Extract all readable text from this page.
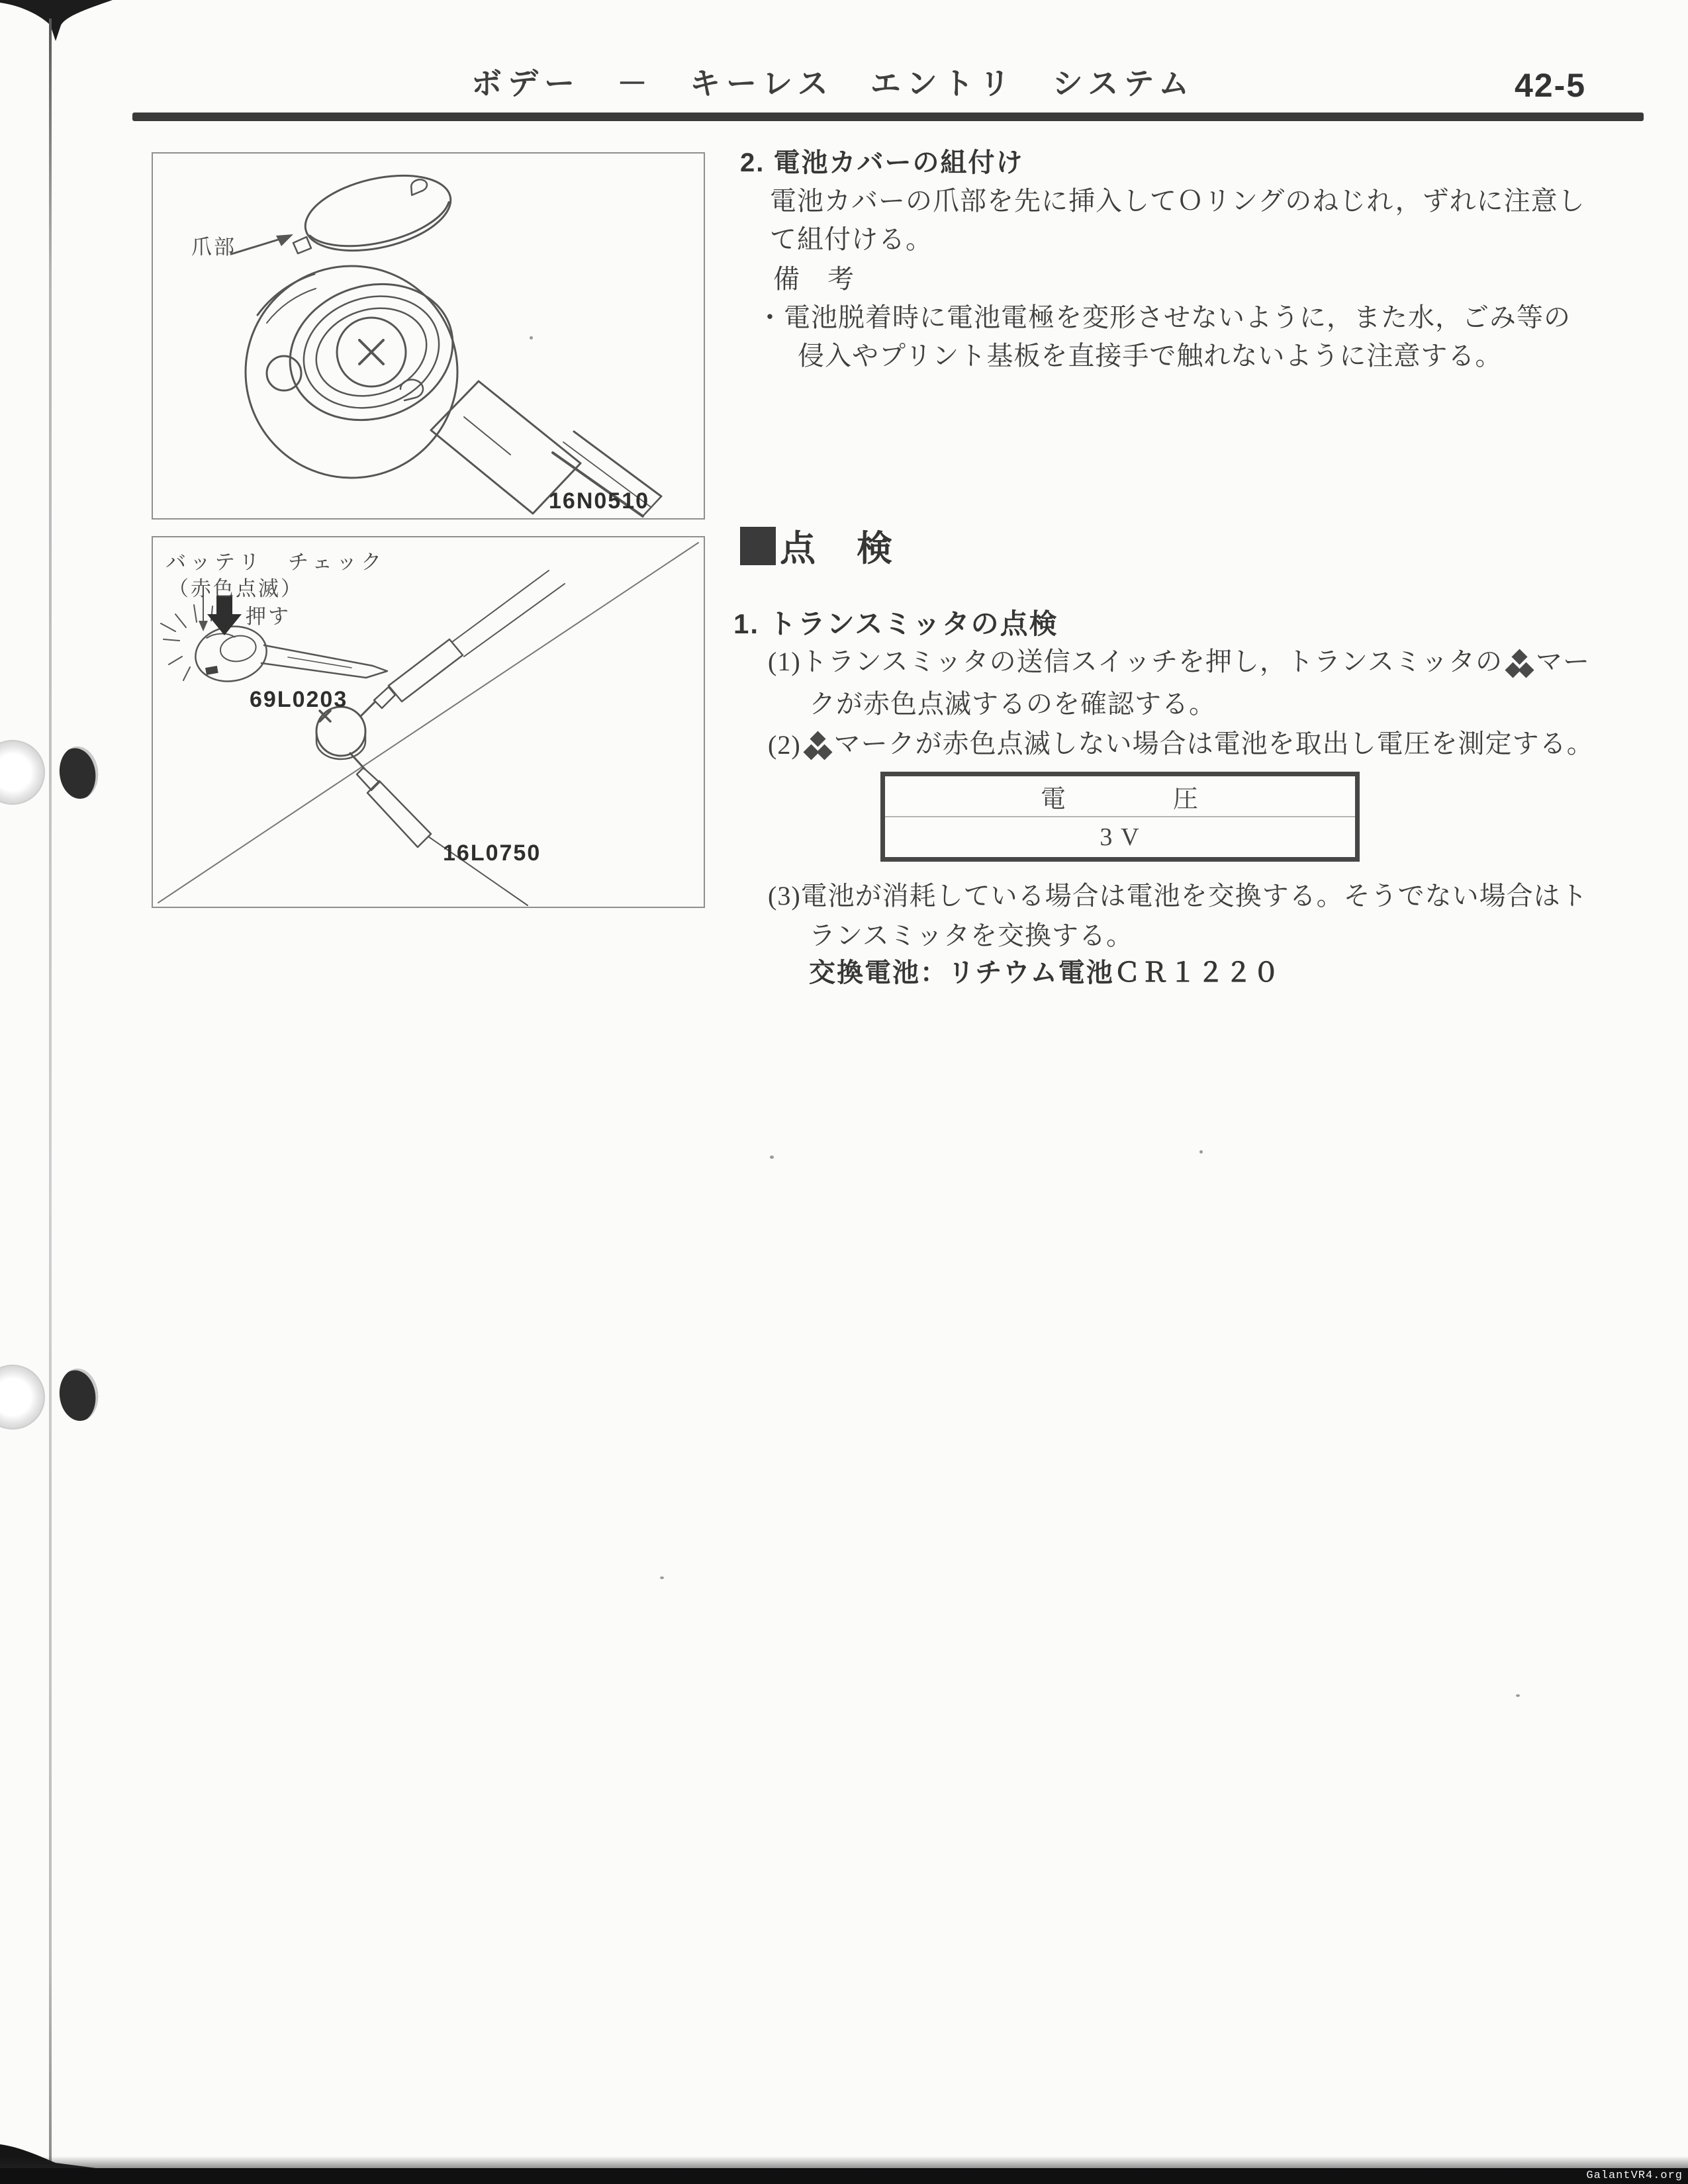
GalantVR4.org
ボデー　－　キーレス　エントリ　システム	42-5
爪部
16N0510
バッテリ　チェック
（赤色点滅）
押す
69L0203
16L0750
2. 電池カバーの組付け
電池カバーの爪部を先に挿入してＯリングのねじれ，ずれに注意し
て組付ける。
備　考
・電池脱着時に電池電極を変形させないように，また水，ごみ等の
侵入やプリント基板を直接手で触れないように注意する。
点　検
1. トランスミッタの点検
(1)トランスミッタの送信スイッチを押し，トランスミッタの マー
クが赤色点滅するのを確認する。
(2) マークが赤色点滅しない場合は電池を取出し電圧を測定する。
電　　　　圧
3 V
(3)電池が消耗している場合は電池を交換する。そうでない場合はト
ランスミッタを交換する。
交換電池：リチウム電池ＣＲ１２２０
